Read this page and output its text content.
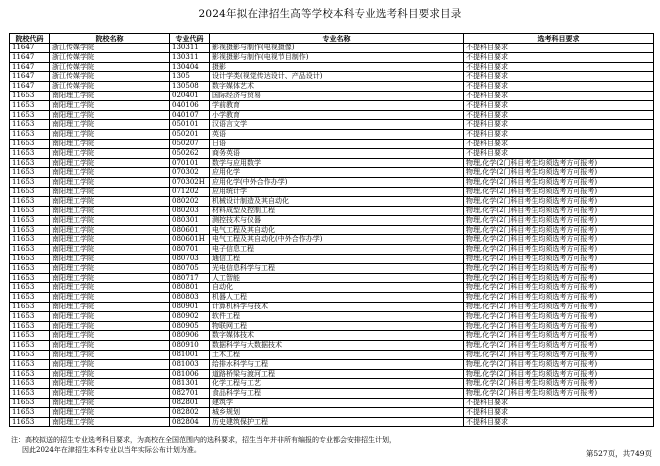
2024年拟在津招生高等学校本科专业选考科目要求目录
院校代码	院校名称	专业代码	专业名称	选考科目要求
11647	浙江传媒学院	130311	影视摄影与制作(电视摄像)	不提科目要求
11647	浙江传媒学院	130311	影视摄影与制作(电视节目制作)	不提科目要求
11647	浙江传媒学院	130404	摄影	不提科目要求
11647	浙江传媒学院	1305	设计学类(视觉传达设计、产品设计)	不提科目要求
11647	浙江传媒学院	130508	数字媒体艺术	不提科目要求
11653	南阳理工学院	020401	国际经济与贸易	不提科目要求
11653	南阳理工学院	040106	学前教育	不提科目要求
11653	南阳理工学院	040107	小学教育	不提科目要求
11653	南阳理工学院	050101	汉语言文学	不提科目要求
11653	南阳理工学院	050201	英语	不提科目要求
11653	南阳理工学院	050207	日语	不提科目要求
11653	南阳理工学院	050262	商务英语	不提科目要求
11653	南阳理工学院	070101	数学与应用数学	物理,化学(2门科目考生均须选考方可报考)
11653	南阳理工学院	070302	应用化学	物理,化学(2门科目考生均须选考方可报考)
11653	南阳理工学院	070302H	应用化学(中外合作办学)	物理,化学(2门科目考生均须选考方可报考)
11653	南阳理工学院	071202	应用统计学	物理,化学(2门科目考生均须选考方可报考)
11653	南阳理工学院	080202	机械设计制造及其自动化	物理,化学(2门科目考生均须选考方可报考)
11653	南阳理工学院	080203	材料成型及控制工程	物理,化学(2门科目考生均须选考方可报考)
11653	南阳理工学院	080301	测控技术与仪器	物理,化学(2门科目考生均须选考方可报考)
11653	南阳理工学院	080601	电气工程及其自动化	物理,化学(2门科目考生均须选考方可报考)
11653	南阳理工学院	080601H	电气工程及其自动化(中外合作办学)	物理,化学(2门科目考生均须选考方可报考)
11653	南阳理工学院	080701	电子信息工程	物理,化学(2门科目考生均须选考方可报考)
11653	南阳理工学院	080703	通信工程	物理,化学(2门科目考生均须选考方可报考)
11653	南阳理工学院	080705	光电信息科学与工程	物理,化学(2门科目考生均须选考方可报考)
11653	南阳理工学院	080717	人工智能	物理,化学(2门科目考生均须选考方可报考)
11653	南阳理工学院	080801	自动化	物理,化学(2门科目考生均须选考方可报考)
11653	南阳理工学院	080803	机器人工程	物理,化学(2门科目考生均须选考方可报考)
11653	南阳理工学院	080901	计算机科学与技术	物理,化学(2门科目考生均须选考方可报考)
11653	南阳理工学院	080902	软件工程	物理,化学(2门科目考生均须选考方可报考)
11653	南阳理工学院	080905	物联网工程	物理,化学(2门科目考生均须选考方可报考)
11653	南阳理工学院	080906	数字媒体技术	物理,化学(2门科目考生均须选考方可报考)
11653	南阳理工学院	080910	数据科学与大数据技术	物理,化学(2门科目考生均须选考方可报考)
11653	南阳理工学院	081001	土木工程	物理,化学(2门科目考生均须选考方可报考)
11653	南阳理工学院	081003	给排水科学与工程	物理,化学(2门科目考生均须选考方可报考)
11653	南阳理工学院	081006	道路桥梁与渡河工程	物理,化学(2门科目考生均须选考方可报考)
11653	南阳理工学院	081301	化学工程与工艺	物理,化学(2门科目考生均须选考方可报考)
11653	南阳理工学院	082701	食品科学与工程	物理,化学(2门科目考生均须选考方可报考)
11653	南阳理工学院	082801	建筑学	不提科目要求
11653	南阳理工学院	082802	城乡规划	不提科目要求
11653	南阳理工学院	082804	历史建筑保护工程	不提科目要求
注：高校拟送的招生专业选考科目要求，为高校在全国范围内的选科要求，招生当年并非所有编报的专业都会安排招生计划，
因此2024年在津招生本科专业以当年实际公布计划为准。	第527页，共749页
